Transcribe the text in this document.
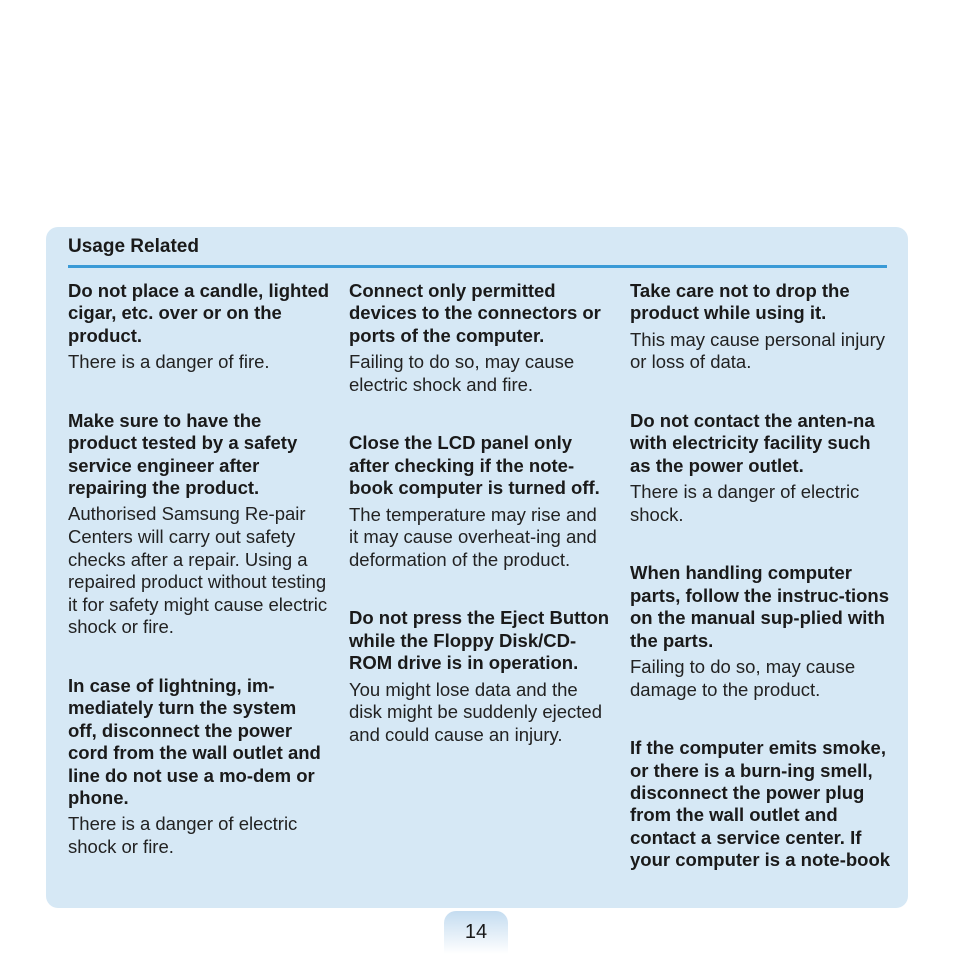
Usage Related

Do not place a candle, lighted cigar, etc. over or on the product.

There is a danger of fire.

Make sure to have the product tested by a safety service engineer after repairing the product.

Authorised Samsung Re-pair Centers will carry out safety checks after a repair. Using a repaired product without testing it for safety might cause electric shock or fire.

In case of lightning, im-mediately turn the system off, disconnect the power cord from the wall outlet and line do not use a mo-dem or phone.

There is a danger of electric shock or fire.

Connect only permitted devices to the connectors or ports of the computer.

Failing to do so, may cause electric shock and fire.

Close the LCD panel only after checking if the note-book computer is turned off.

The temperature may rise and it may cause overheat-ing and deformation of the product.

Do not press the Eject Button while the Floppy Disk/CD-ROM drive is in operation.

You might lose data and the disk might be suddenly ejected and could cause an injury.

Take care not to drop the product while using it.

This may cause personal injury or loss of data.

Do not contact the anten-na with electricity facility such as the power outlet.

There is a danger of electric shock.

When handling computer parts, follow the instruc-tions on the manual sup-plied with the parts.

Failing to do so, may cause damage to the product.

If the computer emits smoke, or there is a burn-ing smell, disconnect the power plug from the wall outlet and contact a service center. If your computer is a note-book

14
